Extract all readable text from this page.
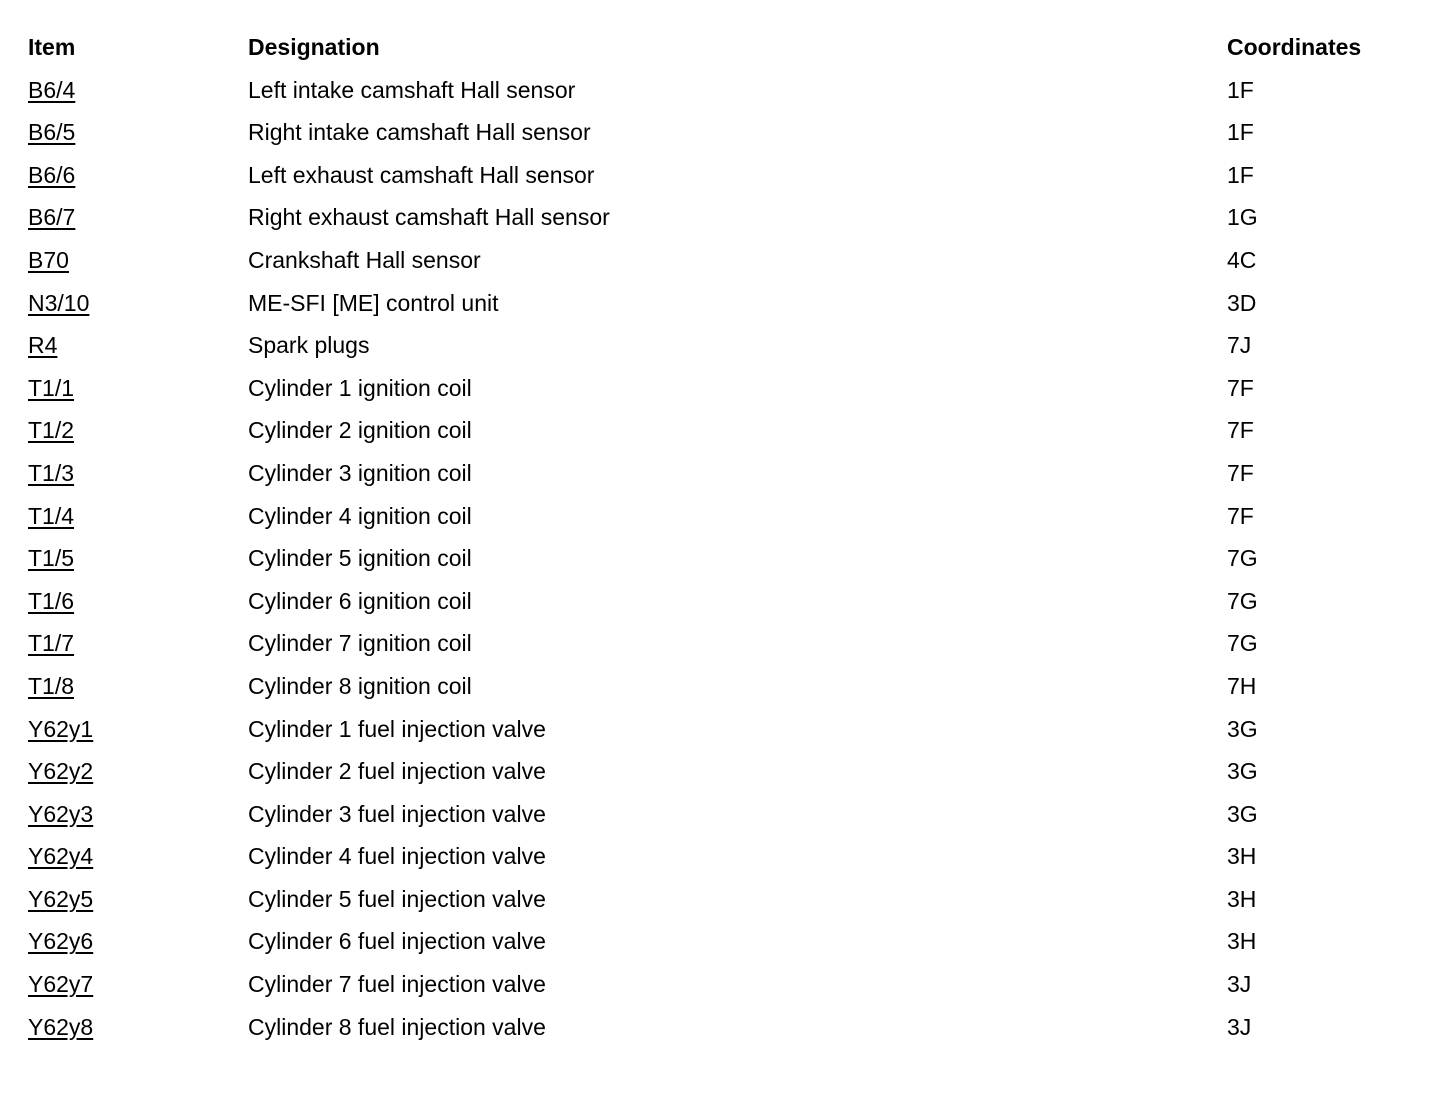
Item	Designation	Coordinates
B6/4	Left intake camshaft Hall sensor	1F
B6/5	Right intake camshaft Hall sensor	1F
B6/6	Left exhaust camshaft Hall sensor	1F
B6/7	Right exhaust camshaft Hall sensor	1G
B70	Crankshaft Hall sensor	4C
N3/10	ME-SFI [ME] control unit	3D
R4	Spark plugs	7J
T1/1	Cylinder 1 ignition coil	7F
T1/2	Cylinder 2 ignition coil	7F
T1/3	Cylinder 3 ignition coil	7F
T1/4	Cylinder 4 ignition coil	7F
T1/5	Cylinder 5 ignition coil	7G
T1/6	Cylinder 6 ignition coil	7G
T1/7	Cylinder 7 ignition coil	7G
T1/8	Cylinder 8 ignition coil	7H
Y62y1	Cylinder 1 fuel injection valve	3G
Y62y2	Cylinder 2 fuel injection valve	3G
Y62y3	Cylinder 3 fuel injection valve	3G
Y62y4	Cylinder 4 fuel injection valve	3H
Y62y5	Cylinder 5 fuel injection valve	3H
Y62y6	Cylinder 6 fuel injection valve	3H
Y62y7	Cylinder 7 fuel injection valve	3J
Y62y8	Cylinder 8 fuel injection valve	3J
